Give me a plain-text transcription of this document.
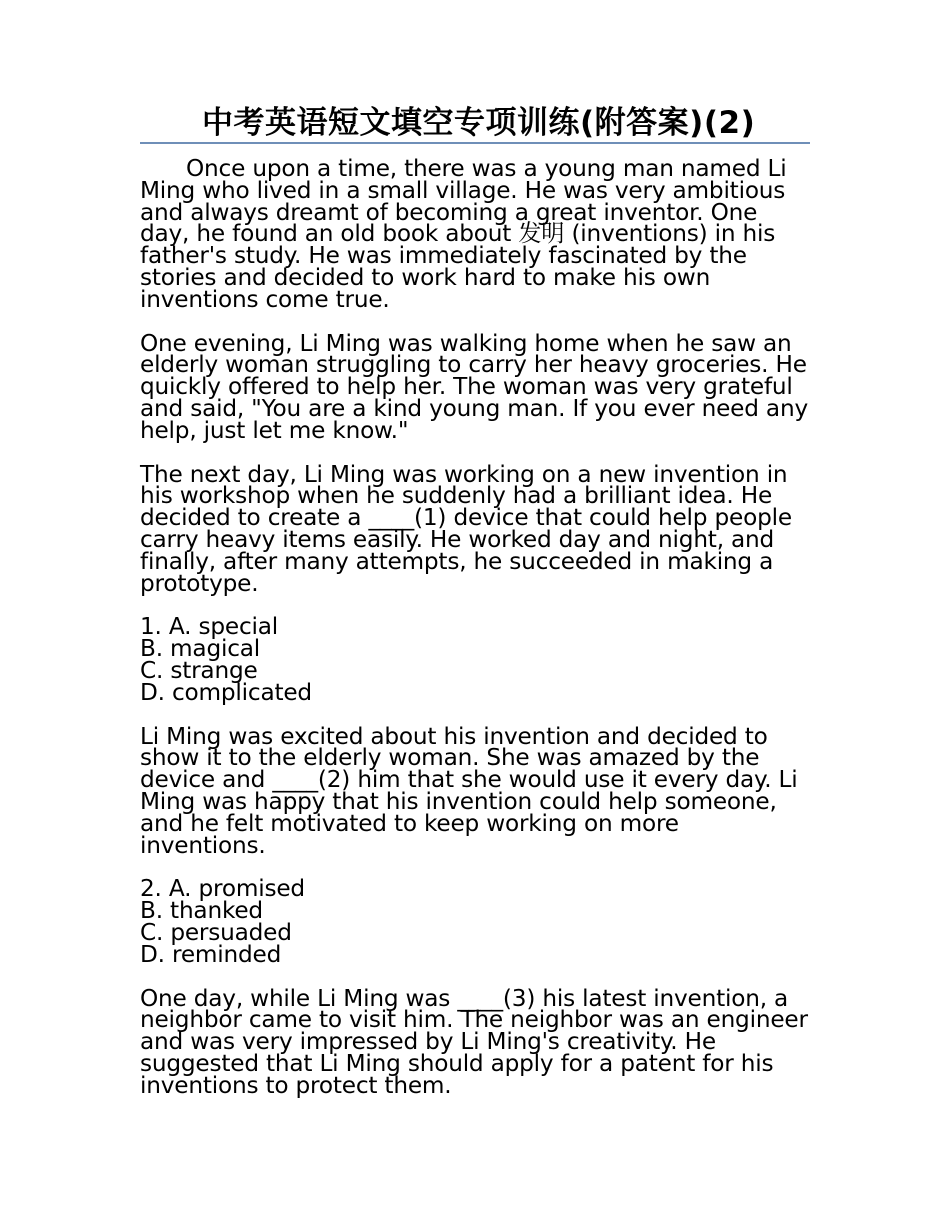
中考英语短文填空专项训练(附答案)(2)

Once upon a time, there was a young man named Li Ming who lived in a small village. He was very ambitious and always dreamt of becoming a great inventor. One day, he found an old book about 发明 (inventions) in his father's study. He was immediately fascinated by the stories and decided to work hard to make his own inventions come true.

One evening, Li Ming was walking home when he saw an elderly woman struggling to carry her heavy groceries. He quickly offered to help her. The woman was very grateful and said, "You are a kind young man. If you ever need any help, just let me know."

The next day, Li Ming was working on a new invention in his workshop when he suddenly had a brilliant idea. He decided to create a ____(1) device that could help people carry heavy items easily. He worked day and night, and finally, after many attempts, he succeeded in making a prototype.

1. A. special
B. magical
C. strange
D. complicated

Li Ming was excited about his invention and decided to show it to the elderly woman. She was amazed by the device and ____(2) him that she would use it every day. Li Ming was happy that his invention could help someone, and he felt motivated to keep working on more inventions.

2. A. promised
B. thanked
C. persuaded
D. reminded

One day, while Li Ming was ____(3) his latest invention, a neighbor came to visit him. The neighbor was an engineer and was very impressed by Li Ming's creativity. He suggested that Li Ming should apply for a patent for his inventions to protect them.
